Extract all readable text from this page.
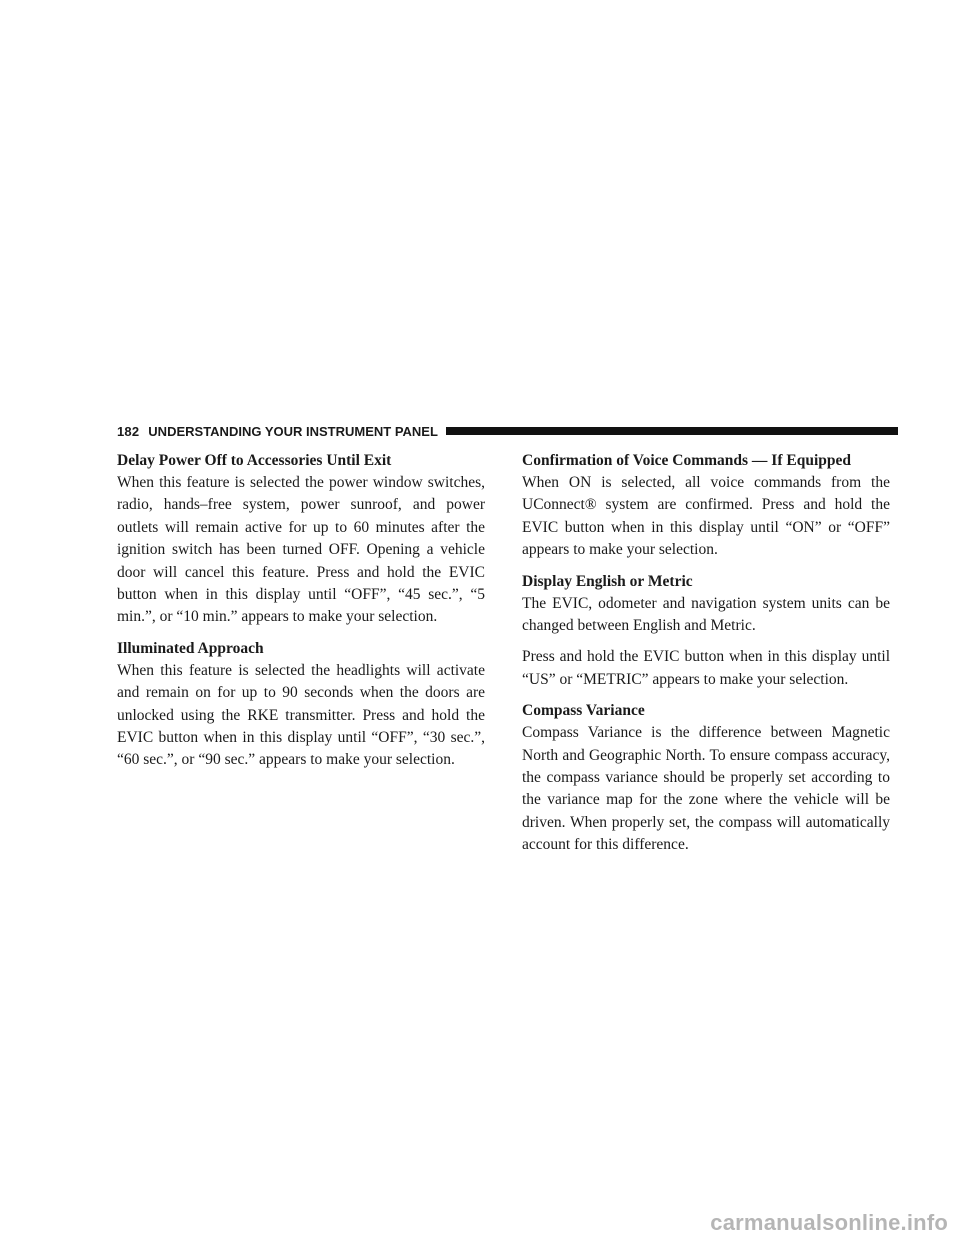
182 UNDERSTANDING YOUR INSTRUMENT PANEL
Delay Power Off to Accessories Until Exit

When this feature is selected the power window switches, radio, hands–free system, power sunroof, and power outlets will remain active for up to 60 minutes after the ignition switch has been turned OFF. Opening a vehicle door will cancel this feature. Press and hold the EVIC button when in this display until “OFF”, “45 sec.”, “5 min.”, or “10 min.” appears to make your selection.

Illuminated Approach

When this feature is selected the headlights will activate and remain on for up to 90 seconds when the doors are unlocked using the RKE transmitter. Press and hold the EVIC button when in this display until “OFF”, “30 sec.”, “60 sec.”, or “90 sec.” appears to make your selection.

Confirmation of Voice Commands — If Equipped

When ON is selected, all voice commands from the UConnect® system are confirmed. Press and hold the EVIC button when in this display until “ON” or “OFF” appears to make your selection.

Display English or Metric

The EVIC, odometer and navigation system units can be changed between English and Metric.

Press and hold the EVIC button when in this display until “US” or “METRIC” appears to make your selection.

Compass Variance

Compass Variance is the difference between Magnetic North and Geographic North. To ensure compass accuracy, the compass variance should be properly set according to the variance map for the zone where the vehicle will be driven. When properly set, the compass will automatically account for this difference.

carmanualsonline.info
